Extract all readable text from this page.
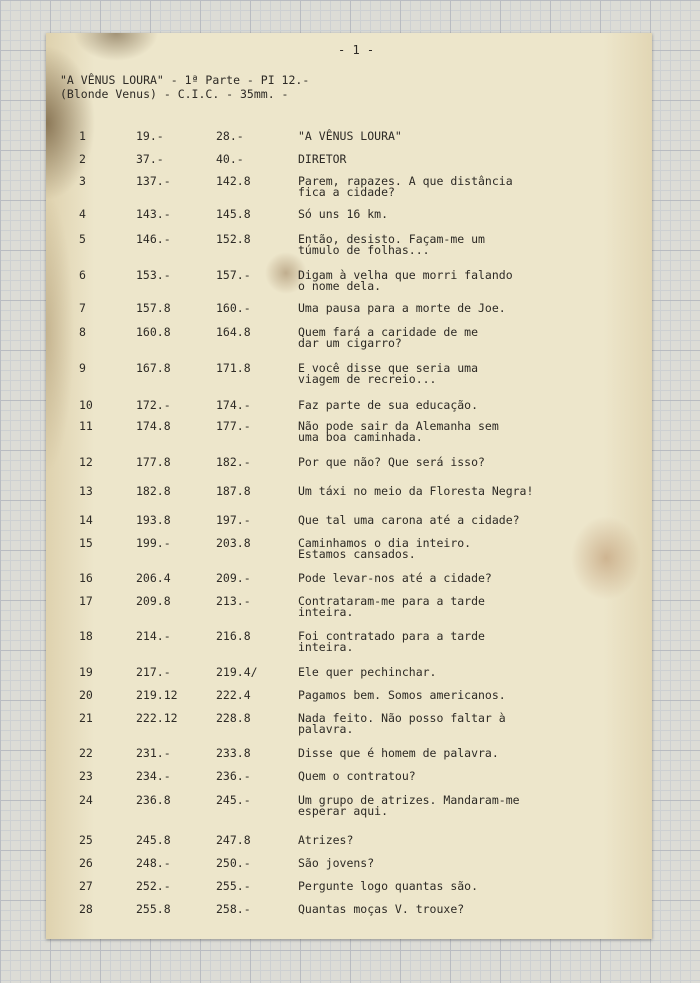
- 1 -
"A VÊNUS LOURA" - 1ª Parte - PI 12.-
(Blonde Venus) - C.I.C. - 35mm. -
1	19.-	28.-	"A VÊNUS LOURA"
2	37.-	40.-	DIRETOR
3	137.-	142.8	Parem, rapazes. A que distância
fica a cidade?
4	143.-	145.8	Só uns 16 km.
5	146.-	152.8	Então, desisto. Façam-me um
túmulo de folhas...
6	153.-	157.-	Digam à velha que morri falando
o nome dela.
7	157.8	160.-	Uma pausa para a morte de Joe.
8	160.8	164.8	Quem fará a caridade de me
dar um cigarro?
9	167.8	171.8	E você disse que seria uma
viagem de recreio...
10	172.-	174.-	Faz parte de sua educação.
11	174.8	177.-	Não pode sair da Alemanha sem
uma boa caminhada.
12	177.8	182.-	Por que não? Que será isso?
13	182.8	187.8	Um táxi no meio da Floresta Negra!
14	193.8	197.-	Que tal uma carona até a cidade?
15	199.-	203.8	Caminhamos o dia inteiro.
Estamos cansados.
16	206.4	209.-	Pode levar-nos até a cidade?
17	209.8	213.-	Contrataram-me para a tarde
inteira.
18	214.-	216.8	Foi contratado para a tarde
inteira.
19	217.-	219.4/	Ele quer pechinchar.
20	219.12	222.4	Pagamos bem. Somos americanos.
21	222.12	228.8	Nada feito. Não posso faltar à
palavra.
22	231.-	233.8	Disse que é homem de palavra.
23	234.-	236.-	Quem o contratou?
24	236.8	245.-	Um grupo de atrizes. Mandaram-me
esperar aqui.
25	245.8	247.8	Atrizes?
26	248.-	250.-	São jovens?
27	252.-	255.-	Pergunte logo quantas são.
28	255.8	258.-	Quantas moças V. trouxe?
